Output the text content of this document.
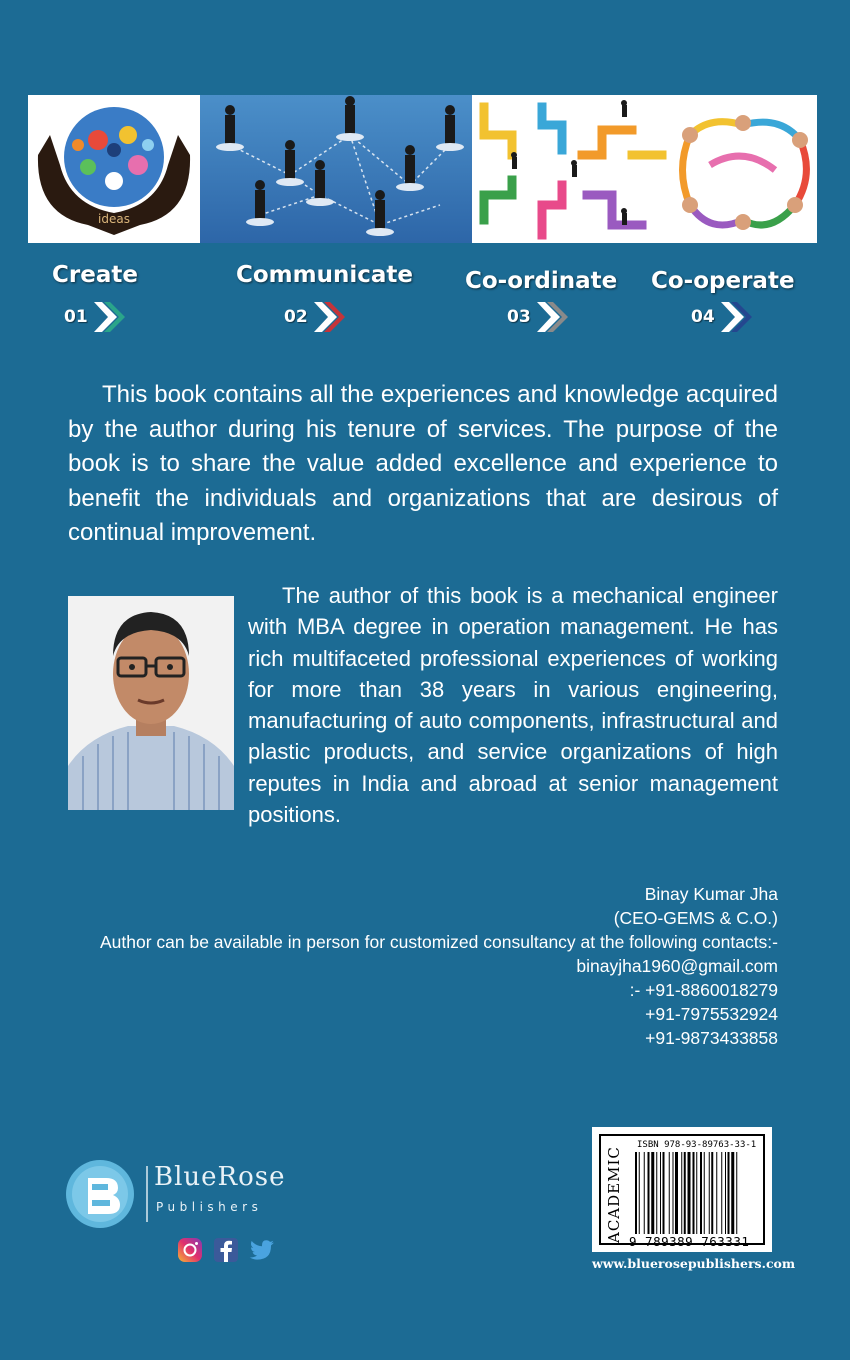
ideas
Create
01
Communicate
02
Co-ordinate
03
Co-operate
04

This book contains all the experiences and knowledge acquired by the author during his tenure of services. The purpose of the book is to share the value added excellence and experience to benefit the individuals and organizations that are desirous of continual improvement.

The author of this book is a mechanical engineer with MBA degree in operation management. He has rich multifaceted professional experiences of working for more than 38 years in various engineering, manufacturing of auto components, infrastructural and plastic products, and service organizations of high reputes in India and abroad at senior management positions.

Binay Kumar Jha
(CEO-GEMS & C.O.)
Author can be available in person for customized consultancy at the following contacts:-
binayjha1960@gmail.com
:- +91-8860018279
+91-7975532924
+91-9873433858
BlueRose
Publishers	ACADEMIC
ISBN 978-93-89763-33-1
9 789389 763331
www.bluerosepublishers.com
